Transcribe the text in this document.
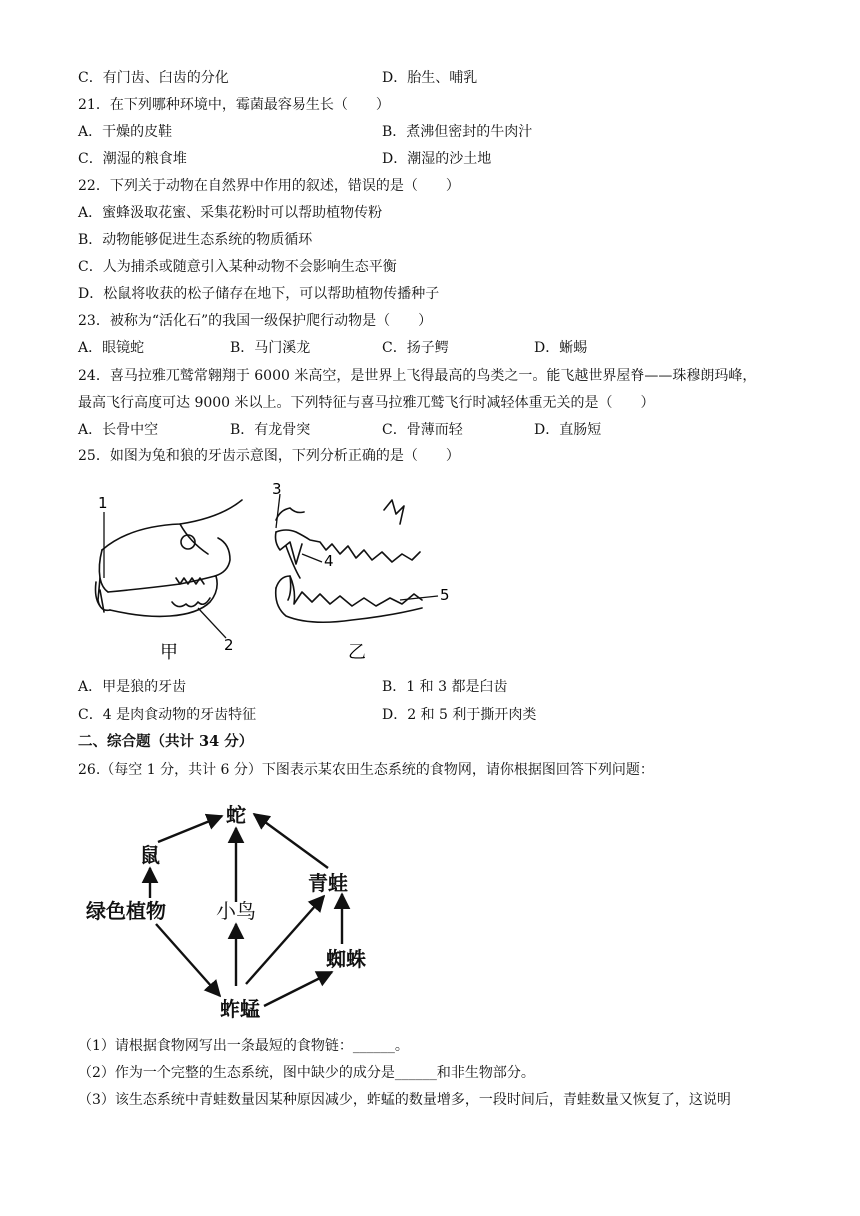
C．有门齿、臼齿的分化	D．胎生、哺乳
21．在下列哪种环境中，霉菌最容易生长（　　）
A．干燥的皮鞋	B．煮沸但密封的牛肉汁
C．潮湿的粮食堆	D．潮湿的沙土地
22．下列关于动物在自然界中作用的叙述，错误的是（　　）
A．蜜蜂汲取花蜜、采集花粉时可以帮助植物传粉
B．动物能够促进生态系统的物质循环
C．人为捕杀或随意引入某种动物不会影响生态平衡
D．松鼠将收获的松子储存在地下，可以帮助植物传播种子
23．被称为“活化石”的我国一级保护爬行动物是（　　）
A．眼镜蛇	B．马门溪龙	C．扬子鳄	D．蜥蜴
24．喜马拉雅兀鹫常翱翔于 6000 米高空，是世界上飞得最高的鸟类之一。能飞越世界屋脊——珠穆朗玛峰，
最高飞行高度可达 9000 米以上。下列特征与喜马拉雅兀鹫飞行时减轻体重无关的是（　　）
A．长骨中空	B．有龙骨突	C．骨薄而轻	D．直肠短
25．如图为兔和狼的牙齿示意图，下列分析正确的是（　　）
1
2
甲
3
4
5
乙
A．甲是狼的牙齿	B．1 和 3 都是臼齿
C．4 是肉食动物的牙齿特征	D．2 和 5 利于撕开肉类
二、综合题（共计 34 分）
26.（每空 1 分，共计 6 分）下图表示某农田生态系统的食物网，请你根据图回答下列问题：
蛇
鼠
青蛙
绿色植物	小鸟
蜘蛛
蚱蜢
（1）请根据食物网写出一条最短的食物链：______。
（2）作为一个完整的生态系统，图中缺少的成分是______和非生物部分。
（3）该生态系统中青蛙数量因某种原因减少，蚱蜢的数量增多，一段时间后，青蛙数量又恢复了，这说明
